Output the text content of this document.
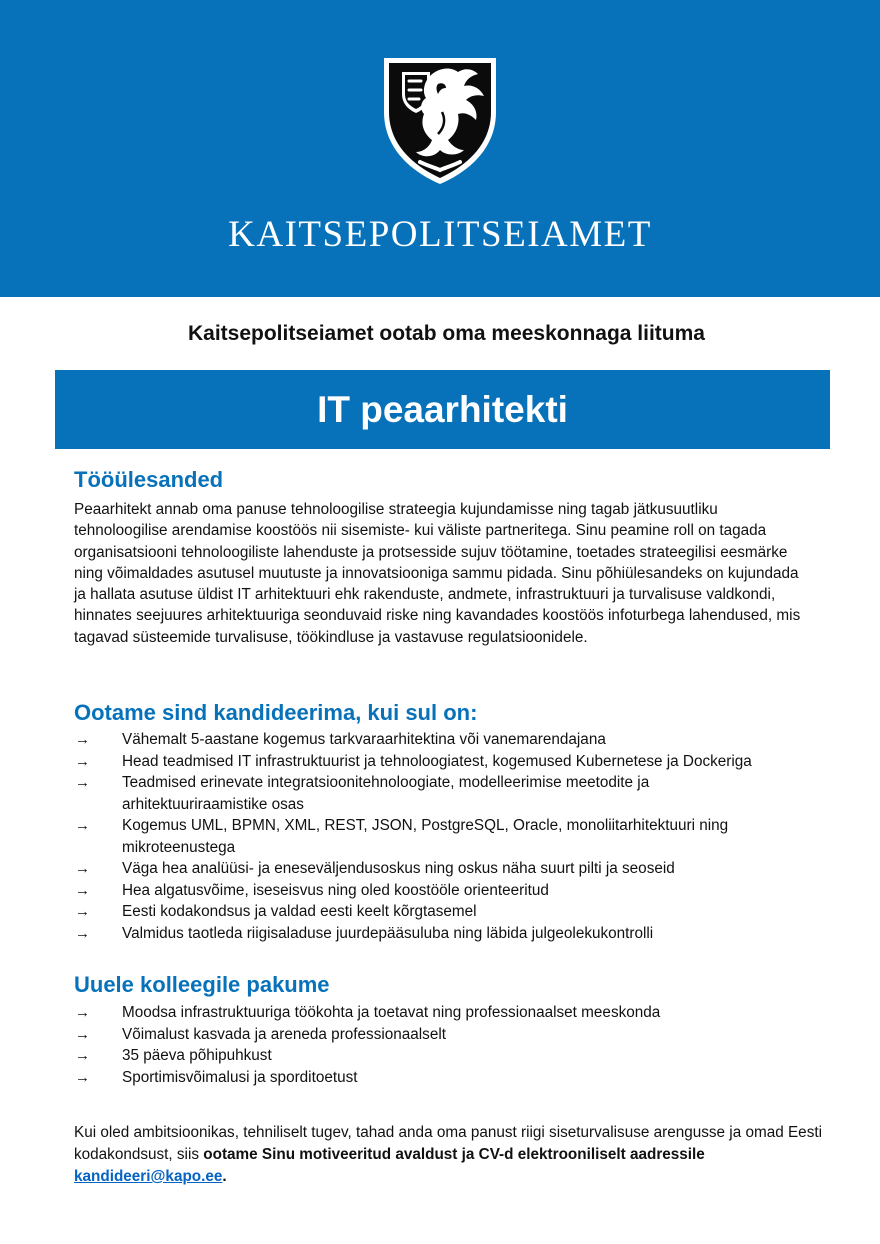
KAITSEPOLITSEIAMET
Kaitsepolitseiamet ootab oma meeskonnaga liituma
IT peaarhitekti
Tööülesanded
Peaarhitekt annab oma panuse tehnoloogilise strateegia kujundamisse ning tagab jätkusuutliku tehnoloogilise arendamise koostöös nii sisemiste- kui väliste partneritega. Sinu peamine roll on tagada organisatsiooni tehnoloogiliste lahenduste ja protsesside sujuv töötamine, toetades strateegilisi eesmärke ning võimaldades asutusel muutuste ja innovatsiooniga sammu pidada. Sinu põhiülesandeks on kujundada ja hallata asutuse üldist IT arhitektuuri ehk rakenduste, andmete, infrastruktuuri ja turvalisuse valdkondi, hinnates seejuures arhitektuuriga seonduvaid riske ning kavandades koostöös infoturbega lahendused, mis tagavad süsteemide turvalisuse, töökindluse ja vastavuse regulatsioonidele.
Ootame sind kandideerima, kui sul on:
→	Vähemalt 5-aastane kogemus tarkvaraarhitektina või vanemarendajana
→	Head teadmised IT infrastruktuurist ja tehnoloogiatest, kogemused Kubernetese ja Dockeriga
→	Teadmised erinevate integratsioonitehnoloogiate, modelleerimise meetodite ja arhitektuuriraamistike osas
→	Kogemus UML, BPMN, XML, REST, JSON, PostgreSQL, Oracle, monoliitarhitektuuri ning mikroteenustega
→	Väga hea analüüsi- ja eneseväljendusoskus ning oskus näha suurt pilti ja seoseid
→	Hea algatusvõime, iseseisvus ning oled koostööle orienteeritud
→	Eesti kodakondsus ja valdad eesti keelt kõrgtasemel
→	Valmidus taotleda riigisaladuse juurdepääsuluba ning läbida julgeolekukontrolli
Uuele kolleegile pakume
→	Moodsa infrastruktuuriga töökohta ja toetavat ning professionaalset meeskonda
→	Võimalust kasvada ja areneda professionaalselt
→	35 päeva põhipuhkust
→	Sportimisvõimalusi ja sporditoetust
Kui oled ambitsioonikas, tehniliselt tugev, tahad anda oma panust riigi siseturvalisuse arengusse ja omad Eesti kodakondsust, siis ootame Sinu motiveeritud avaldust ja CV-d elektrooniliselt aadressile kandideeri@kapo.ee.
